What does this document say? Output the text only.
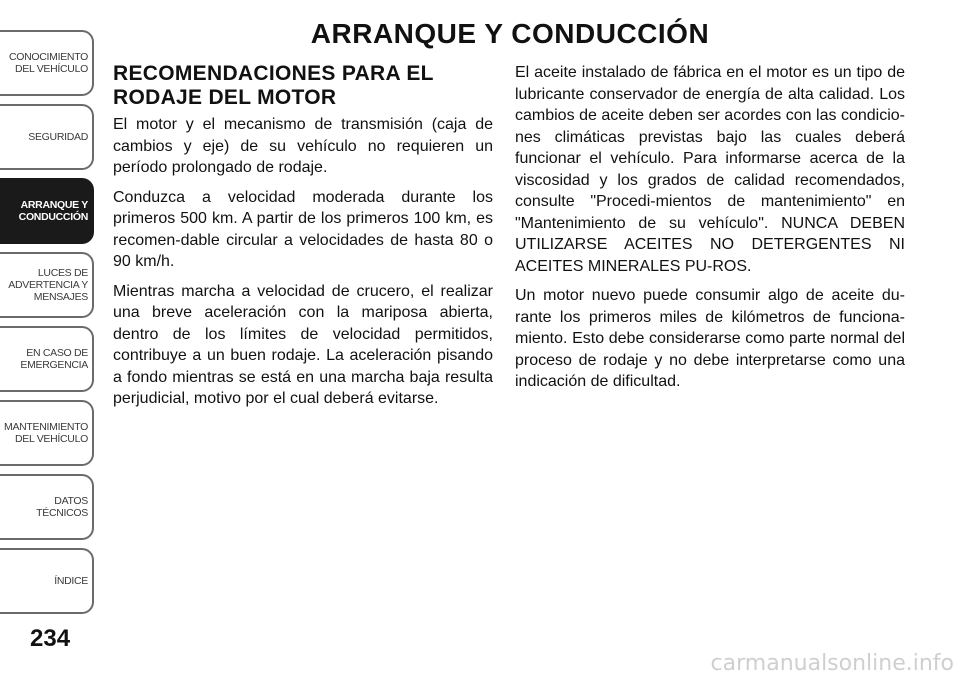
CONOCIMIENTO
DEL VEHÍCULO
SEGURIDAD
ARRANQUE Y
CONDUCCIÓN
LUCES DE
ADVERTENCIA Y
MENSAJES
EN CASO DE
EMERGENCIA
MANTENIMIENTO
DEL VEHÍCULO
DATOS
TÉCNICOS
ÍNDICE
234
ARRANQUE Y CONDUCCIÓN
RECOMENDACIONES PARA EL RODAJE DEL MOTOR

El motor y el mecanismo de transmisión (caja de cambios y eje) de su vehículo no requieren un período prolongado de rodaje.

Conduzca a velocidad moderada durante los primeros 500 km. A partir de los primeros 100 km, es recomen-dable circular a velocidades de hasta 80 o 90 km/h.

Mientras marcha a velocidad de crucero, el realizar una breve aceleración con la mariposa abierta, dentro de los límites de velocidad permitidos, contribuye a un buen rodaje. La aceleración pisando a fondo mientras se está en una marcha baja resulta perjudicial, motivo por el cual deberá evitarse.

El aceite instalado de fábrica en el motor es un tipo de lubricante conservador de energía de alta calidad. Los cambios de aceite deben ser acordes con las condicio-nes climáticas previstas bajo las cuales deberá funcionar el vehículo. Para informarse acerca de la viscosidad y los grados de calidad recomendados, consulte "Procedi-mientos de mantenimiento" en "Mantenimiento de su vehículo". NUNCA DEBEN UTILIZARSE ACEITES NO DETERGENTES NI ACEITES MINERALES PU-ROS.

Un motor nuevo puede consumir algo de aceite du-rante los primeros miles de kilómetros de funciona-miento. Esto debe considerarse como parte normal del proceso de rodaje y no debe interpretarse como una indicación de dificultad.

carmanualsonline.info
